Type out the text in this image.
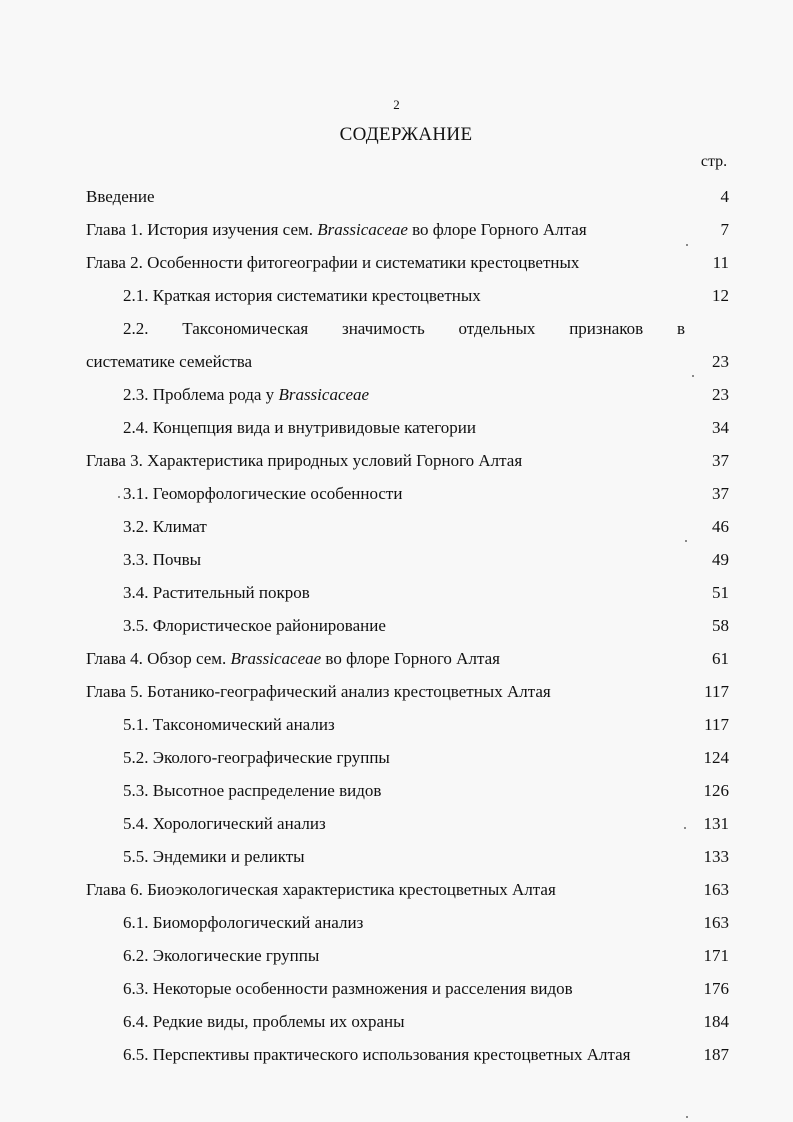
2
СОДЕРЖАНИЕ
стр.
Введение	4
Глава 1. История изучения сем. Brassicaceae во флоре Горного Алтая	7
Глава 2. Особенности фитогеографии и систематики крестоцветных	11
2.1. Краткая история систематики крестоцветных	12
2.2. Таксономическая значимость отдельных признаков в
систематике семейства	23
2.3. Проблема рода у Brassicaceae	23
2.4. Концепция вида и внутривидовые категории	34
Глава 3. Характеристика природных условий Горного Алтая	37
3.1. Геоморфологические особенности	37
3.2. Климат	46
3.3. Почвы	49
3.4. Растительный покров	51
3.5. Флористическое районирование	58
Глава 4. Обзор сем. Brassicaceae во флоре Горного Алтая	61
Глава 5. Ботанико-географический анализ крестоцветных Алтая	117
5.1. Таксономический анализ	117
5.2. Эколого-географические группы	124
5.3. Высотное распределение видов	126
5.4. Хорологический анализ	131
5.5. Эндемики и реликты	133
Глава 6. Биоэкологическая характеристика крестоцветных Алтая	163
6.1. Биоморфологический анализ	163
6.2. Экологические группы	171
6.3. Некоторые особенности размножения и расселения видов	176
6.4. Редкие виды, проблемы их охраны	184
6.5. Перспективы практического использования крестоцветных Алтая	187
